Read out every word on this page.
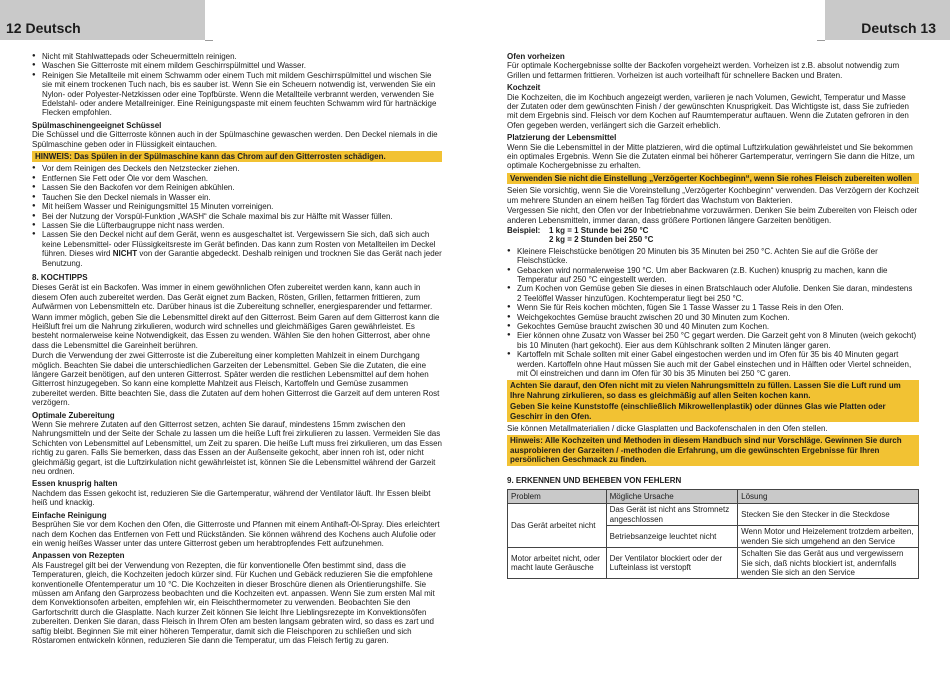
12 Deutsch	Deutsch 13
● Nicht mit Stahlwattepads oder Scheuermitteln reinigen.
● Waschen Sie Gitterroste mit einem mildem Geschirrspülmittel und Wasser.
● Reinigen Sie Metallteile mit einem Schwamm oder einem Tuch mit mildem Geschirrspülmittel und wischen Sie sie mit einem trockenen Tuch nach, bis es sauber ist. Wenn Sie ein Scheuern notwendig ist, verwenden Sie ein Nylon- oder Polyester-Netzkissen oder eine Topfbürste. Wenn die Metallteile verbrannt werden, verwenden Sie Edelstahl- oder andere Metallreiniger. Eine Reinigungspaste mit einem feuchten Schwamm wird für hartnäckige Flecken empfohlen.
Spülmaschinengeeignet Schüssel

Die Schüssel und die Gitterroste können auch in der Spülmaschine gewaschen werden. Den Deckel niemals in die Spülmaschine geben oder in Flüssigkeit eintauchen.

HINWEIS: Das Spülen in der Spülmaschine kann das Chrom auf den Gitterrosten schädigen.
● Vor dem Reinigen des Deckels den Netzstecker ziehen.
● Entfernen Sie Fett oder Öle vor dem Waschen.
● Lassen Sie den Backofen vor dem Reinigen abkühlen.
● Tauchen Sie den Deckel niemals in Wasser ein.
● Mit heißem Wasser und Reinigungsmittel 15 Minuten vorreinigen.
● Bei der Nutzung der Vorspül-Funktion „WASH“ die Schale maximal bis zur Hälfte mit Wasser füllen.
● Lassen Sie die Lüfterbaugruppe nicht nass werden.
● Lassen Sie den Deckel nicht auf dem Gerät, wenn es ausgeschaltet ist. Vergewissern Sie sich, daß sich auch keine Lebensmittel- oder Flüssigkeitsreste im Gerät befinden. Das kann zum Rosten von Metallteilen im Deckel führen. Dieses wird NICHT von der Garantie abgedeckt. Deshalb reinigen und trocknen Sie das Gerät nach jeder Benutzung.
8. KOCHTIPPS

Dieses Gerät ist ein Backofen. Was immer in einem gewöhnlichen Ofen zubereitet werden kann, kann auch in diesem Ofen auch zubereitet werden. Das Gerät eignet zum Backen, Rösten, Grillen, fettarmen frittieren, zum Aufwärmen von Lebensmitteln etc. Darüber hinaus ist die Zubereitung schneller, energiesparender und fettarmer.

Wann immer möglich, geben Sie die Lebensmittel direkt auf den Gitterrost. Beim Garen auf dem Gitterrost kann die Heißluft frei um die Nahrung zirkulieren, wodurch wird schnelles und gleichmäßiges Garen gewährleistet. Es besteht normalerweise keine Notwendigkeit, das Essen zu wenden. Wählen Sie den hohen Gitterrost, aber ohne dass die Lebensmittel die Gareinheit berühren.

Durch die Verwendung der zwei Gitterroste ist die Zubereitung einer kompletten Mahlzeit in einem Durchgang möglich. Beachten Sie dabei die unterschiedlichen Garzeiten der Lebensmittel. Geben Sie die Zutaten, die eine längere Garzeit benötigen, auf den unteren Gitterrost. Später werden die restlichen Lebensmittel auf dem hohen Gitterrost hinzugegeben. So kann eine komplette Mahlzeit aus Fleisch, Kartoffeln und Gemüse zusammen zubereitet werden. Bitte beachten Sie, dass die Zutaten auf dem hohen Gitterrost die Garzeit auf dem unteren Rost verzögern.

Optimale Zubereitung

Wenn Sie mehrere Zutaten auf den Gitterrost setzen, achten Sie darauf, mindestens 15mm zwischen den Nahrungsmitteln und der Seite der Schale zu lassen um die heiße Luft frei zirkulieren zu lassen. Vermeiden Sie das Schichten von Lebensmittel auf Lebensmittel, um Zeit zu sparen. Die heiße Luft muss frei zirkulieren, um das Essen richtig zu garen. Falls Sie bemerken, dass das Essen an der Außenseite gekocht, aber innen roh ist, oder nicht gleichmäßig gegart, ist die Luftzirkulation nicht gewährleistet ist, können Sie die Lebensmittel während der Garzeit neu ordnen.

Essen knusprig halten

Nachdem das Essen gekocht ist, reduzieren Sie die Gartemperatur, während der Ventilator läuft. Ihr Essen bleibt heiß und knackig.

Einfache Reinigung

Besprühen Sie vor dem Kochen den Ofen, die Gitterroste und Pfannen mit einem Antihaft-Öl-Spray. Dies erleichtert nach dem Kochen das Entfernen von Fett und Rückständen. Sie können während des Kochens auch Alufolie oder ein wenig heißes Wasser unter das untere Gitterrost geben um herabtropfendes Fett aufzunehmen.

Anpassen von Rezepten

Als Faustregel gilt bei der Verwendung von Rezepten, die für konventionelle Öfen bestimmt sind, dass die Temperaturen, gleich, die Kochzeiten jedoch kürzer sind. Für Kuchen und Gebäck reduzieren Sie die empfohlene konventionelle Ofentemperatur um 10 °C. Die Kochzeiten in dieser Broschüre dienen als Orientierungshilfe. Sie müssen am Anfang den Garprozess beobachten und die Kochzeiten evt. anpassen. Wenn Sie zum ersten Mal mit dem Konvektionsofen arbeiten, empfehlen wir, ein Fleischthermometer zu verwenden. Beobachten Sie den Garfortschritt durch die Glasplatte. Nach kurzer Zeit können Sie leicht Ihre Lieblingsrezepte im Konvektionsöfen zubereiten. Denken Sie daran, dass Fleisch in Ihrem Ofen am besten langsam gebraten wird, so dass es zart und saftig bleibt. Beginnen Sie mit einer höheren Temperatur, damit sich die Fleischporen zu schließen und sich Röstaromen entwickeln können, reduzieren Sie dann die Temperatur, um das Fleisch fertig zu garen.

Ofen vorheizen

Für optimale Kochergebnisse sollte der Backofen vorgeheizt werden. Vorheizen ist z.B. absolut notwendig zum Grillen und fettarmen frittieren. Vorheizen ist auch vorteilhaft für schnellere Backen und Braten.

Kochzeit

Die Kochzeiten, die im Kochbuch angezeigt werden, variieren je nach Volumen, Gewicht, Temperatur und Masse der Zutaten oder dem gewünschten Finish / der gewünschten Knusprigkeit. Das Wichtigste ist, dass Sie zufrieden mit dem Ergebnis sind. Fleisch vor dem Kochen auf Raumtemperatur auftauen. Wenn die Zutaten gefroren in den Ofen gegeben werden, verlängert sich die Garzeit erheblich.

Platzierung der Lebensmittel

Wenn Sie die Lebensmittel in der Mitte platzieren, wird die optimal Luftzirkulation gewährleistet und Sie bekommen ein optimales Ergebnis. Wenn Sie die Zutaten einmal bei höherer Gartemperatur, verringern Sie dann die Hitze, um optimale Kochergebnisse zu erhalten.

Verwenden Sie nicht die Einstellung „Verzögerter Kochbeginn“, wenn Sie rohes Fleisch zubereiten wollen

Seien Sie vorsichtig, wenn Sie die Voreinstellung „Verzögerter Kochbeginn“ verwenden. Das Verzögern der Kochzeit um mehrere Stunden an einem heißen Tag fördert das Wachstum von Bakterien.

Vergessen Sie nicht, den Ofen vor der Inbetriebnahme vorzuwärmen. Denken Sie beim Zubereiten von Fleisch oder anderen Lebensmitteln, immer daran, dass größere Portionen längere Garzeiten benötigen.

Beispiel:	1 kg = 1 Stunde bei 250 °C
2 kg = 2 Stunden bei 250 °C
● Kleinere Fleischstücke benötigen 20 Minuten bis 35 Minuten bei 250 °C. Achten Sie auf die Größe der Fleischstücke.
● Gebacken wird normalerweise 190 °C. Um aber Backwaren (z.B. Kuchen) knusprig zu machen, kann die Temperatur auf 250 °C eingestellt werden.
● Zum Kochen von Gemüse geben Sie dieses in einen Bratschlauch oder Alufolie. Denken Sie daran, mindestens 2 Teelöffel Wasser hinzufügen. Kochtemperatur liegt bei 250 °C.
● Wenn Sie für Reis kochen möchten, fügen Sie 1 Tasse Wasser zu 1 Tasse Reis in den Ofen.
● Weichgekochtes Gemüse braucht zwischen 20 und 30 Minuten zum Kochen.
● Gekochtes Gemüse braucht zwischen 30 und 40 Minuten zum Kochen.
● Eier können ohne Zusatz von Wasser bei 250 °C gegart werden. Die Garzeit geht von 8 Minuten (weich gekocht) bis 10 Minuten (hart gekocht). Eier aus dem Kühlschrank sollten 2 Minuten länger garen.
● Kartoffeln mit Schale sollten mit einer Gabel eingestochen werden und im Ofen für 35 bis 40 Minuten gegart werden. Kartoffeln ohne Haut müssen Sie auch mit der Gabel einstechen und in Hälften oder Viertel schneiden, mit Öl einstreichen und dann im Ofen für 30 bis 35 Minuten bei 250 °C garen.
Achten Sie darauf, den Ofen nicht mit zu vielen Nahrungsmitteln zu füllen. Lassen Sie die Luft rund um Ihre Nahrung zirkulieren, so dass es gleichmäßig auf allen Seiten kochen kann.
Geben Sie keine Kunststoffe (einschließlich Mikrowellenplastik) oder dünnes Glas wie Platten oder Geschirr in den Ofen.

Sie können Metallmaterialien / dicke Glasplatten und Backofenschalen in den Ofen stellen.

Hinweis: Alle Kochzeiten und Methoden in diesem Handbuch sind nur Vorschläge. Gewinnen Sie durch ausprobieren der Garzeiten / -methoden die Erfahrung, um die gewünschten Ergebnisse für Ihren persönlichen Geschmack zu finden.
9. ERKENNEN UND BEHEBEN VON FEHLERN
Problem	Mögliche Ursache	Lösung
Das Gerät arbeitet nicht	Das Gerät ist nicht ans Stromnetz angeschlossen	Stecken Sie den Stecker in die Steckdose
	Betriebsanzeige leuchtet nicht	Wenn Motor und Heizelement trotzdem arbeiten, wenden Sie sich umgehend an den Service
Motor arbeitet nicht, oder macht laute Geräusche	Der Ventilator blockiert oder der Lufteinlass ist verstopft	Schalten Sie das Gerät aus und vergewissern Sie sich, daß nichts blockiert ist, andernfalls wenden Sie sich an den Service
